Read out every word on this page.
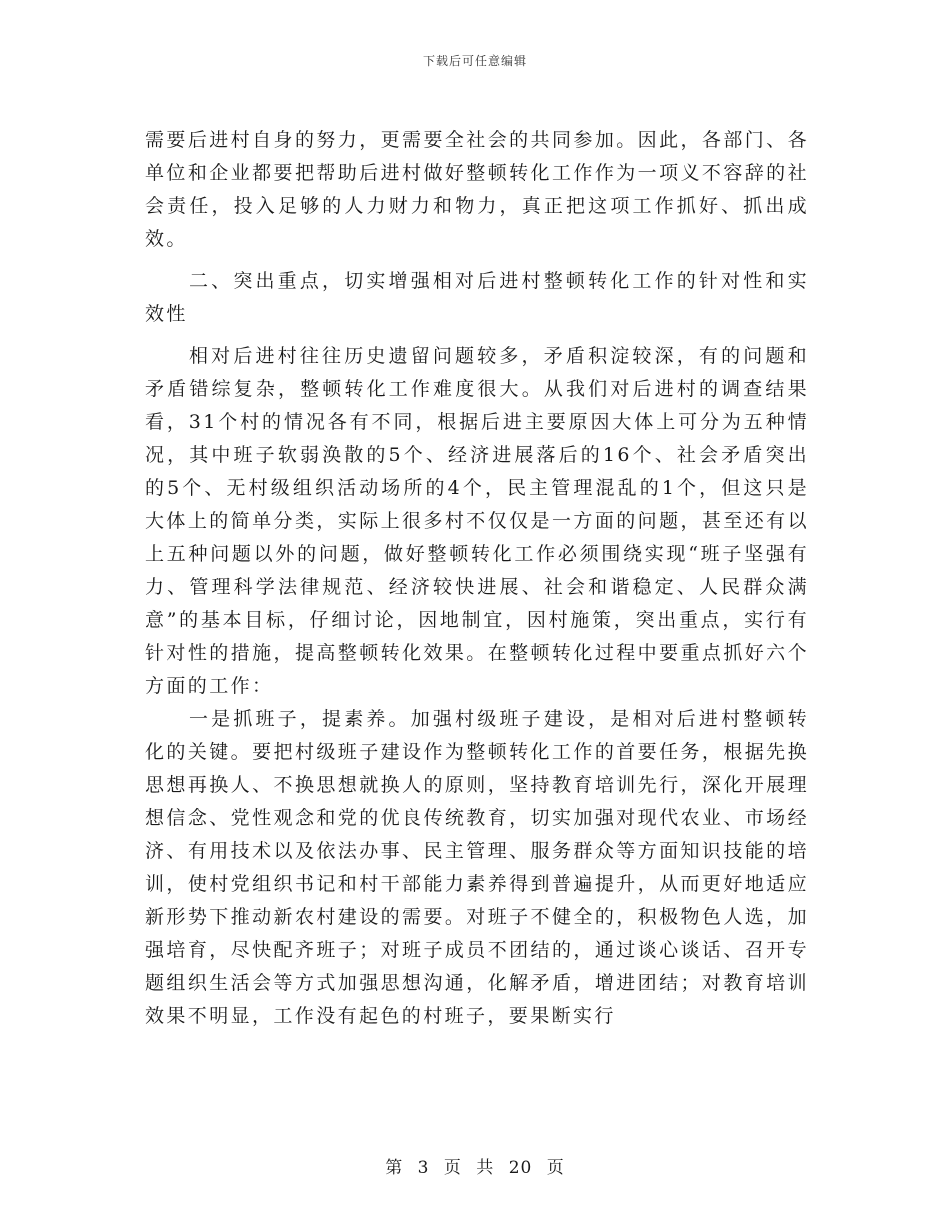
下载后可任意编辑

需要后进村自身的努力，更需要全社会的共同参加。因此，各部门、各单位和企业都要把帮助后进村做好整顿转化工作作为一项义不容辞的社会责任，投入足够的人力财力和物力，真正把这项工作抓好、抓出成效。

二、突出重点，切实增强相对后进村整顿转化工作的针对性和实效性

相对后进村往往历史遗留问题较多，矛盾积淀较深，有的问题和矛盾错综复杂，整顿转化工作难度很大。从我们对后进村的调查结果看，31个村的情况各有不同，根据后进主要原因大体上可分为五种情况，其中班子软弱涣散的5个、经济进展落后的16个、社会矛盾突出的5个、无村级组织活动场所的4个，民主管理混乱的1个，但这只是大体上的简单分类，实际上很多村不仅仅是一方面的问题，甚至还有以上五种问题以外的问题，做好整顿转化工作必须围绕实现“班子坚强有力、管理科学法律规范、经济较快进展、社会和谐稳定、人民群众满意”的基本目标，仔细讨论，因地制宜，因村施策，突出重点，实行有针对性的措施，提高整顿转化效果。在整顿转化过程中要重点抓好六个方面的工作：

一是抓班子，提素养。加强村级班子建设，是相对后进村整顿转化的关键。要把村级班子建设作为整顿转化工作的首要任务，根据先换思想再换人、不换思想就换人的原则，坚持教育培训先行，深化开展理想信念、党性观念和党的优良传统教育，切实加强对现代农业、市场经济、有用技术以及依法办事、民主管理、服务群众等方面知识技能的培训，使村党组织书记和村干部能力素养得到普遍提升，从而更好地适应新形势下推动新农村建设的需要。对班子不健全的，积极物色人选，加强培育，尽快配齐班子；对班子成员不团结的，通过谈心谈话、召开专题组织生活会等方式加强思想沟通，化解矛盾，增进团结；对教育培训效果不明显，工作没有起色的村班子，要果断实行

第 3 页 共 20 页
